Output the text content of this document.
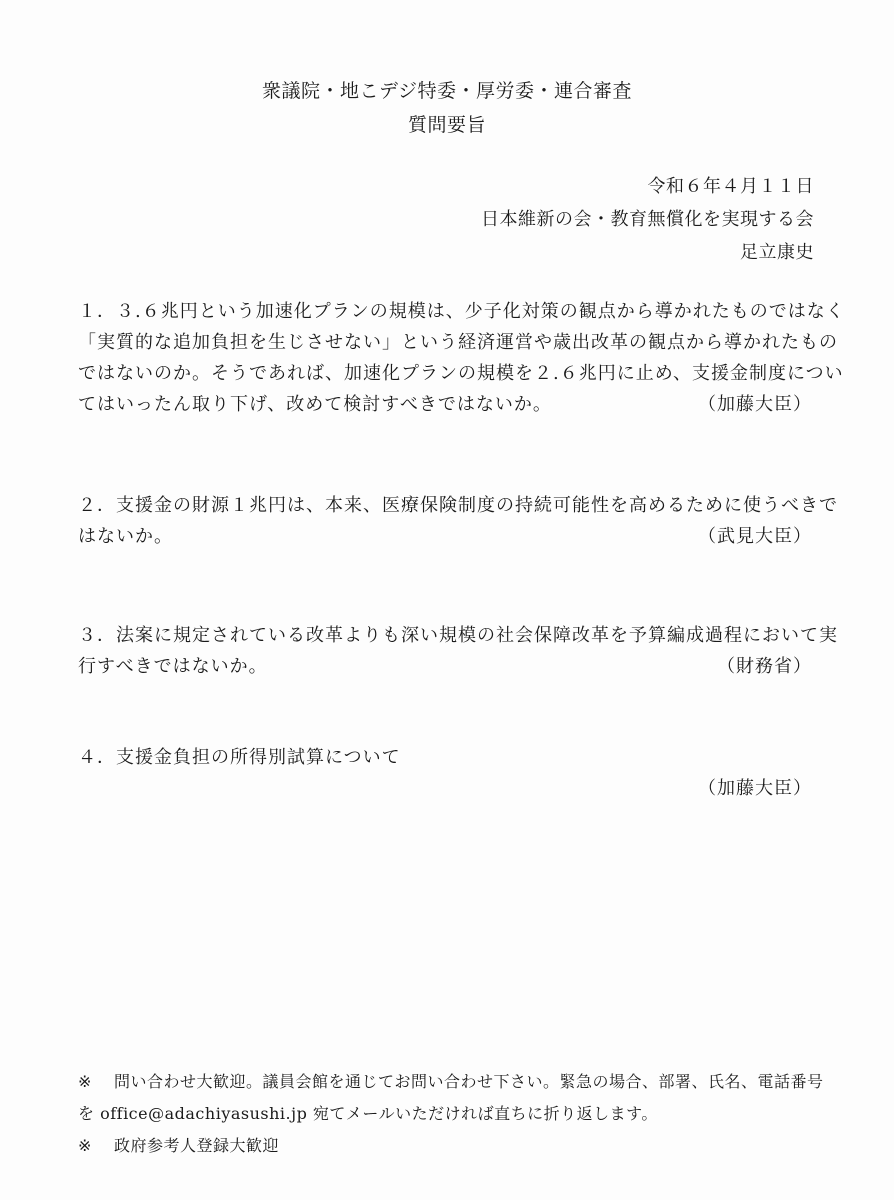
衆議院・地こデジ特委・厚労委・連合審査
質問要旨
令和６年４月１１日
日本維新の会・教育無償化を実現する会
足立康史
１．３.６兆円という加速化プランの規模は、少子化対策の観点から導かれたものではなく
「実質的な追加負担を生じさせない」という経済運営や歳出改革の観点から導かれたもの
ではないのか。そうであれば、加速化プランの規模を２.６兆円に止め、支援金制度につい
てはいったん取り下げ、改めて検討すべきではないか。	（加藤大臣）
２．支援金の財源１兆円は、本来、医療保険制度の持続可能性を高めるために使うべきで
はないか。	（武見大臣）
３．法案に規定されている改革よりも深い規模の社会保障改革を予算編成過程において実
行すべきではないか。	（財務省）
４．支援金負担の所得別試算について
（加藤大臣）
※ 問い合わせ大歓迎。議員会館を通じてお問い合わせ下さい。緊急の場合、部署、氏名、電話番号
を office@adachiyasushi.jp 宛てメールいただければ直ちに折り返します。
※ 政府参考人登録大歓迎
